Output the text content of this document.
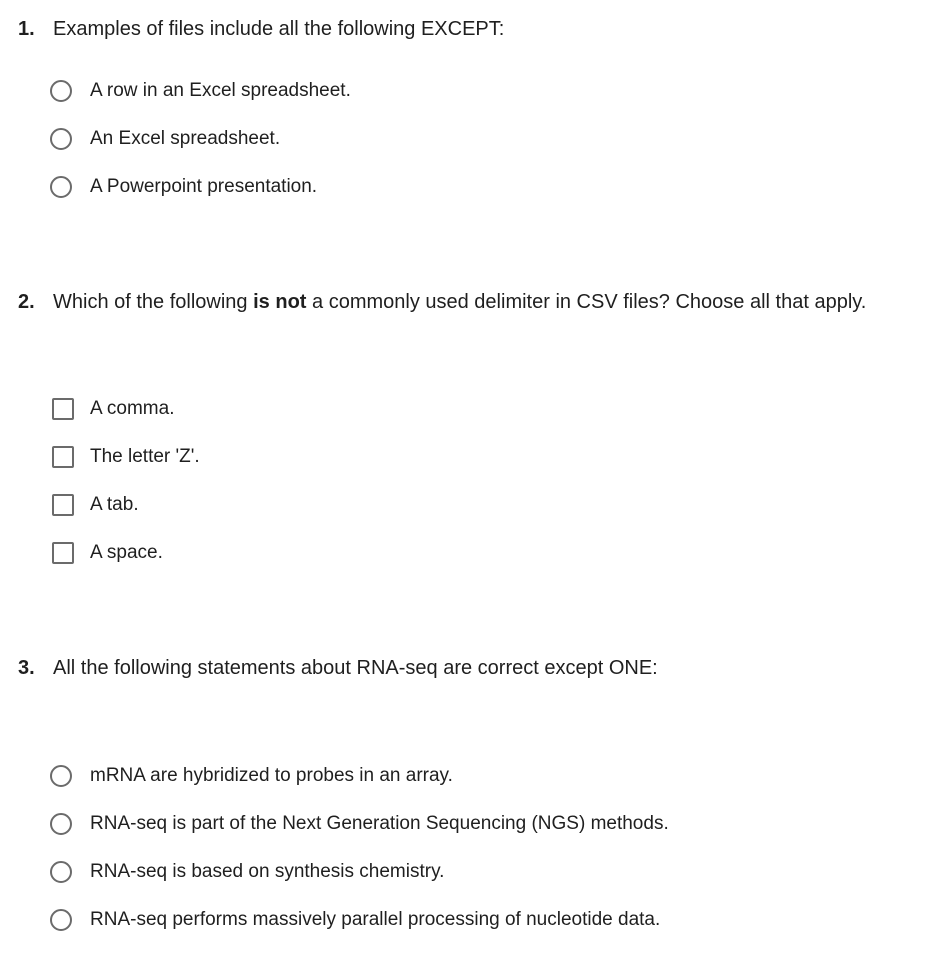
1. Examples of files include all the following EXCEPT:
A row in an Excel spreadsheet.
An Excel spreadsheet.
A Powerpoint presentation.
2. Which of the following is not a commonly used delimiter in CSV files? Choose all that apply.
A comma.
The letter 'Z'.
A tab.
A space.
3. All the following statements about RNA-seq are correct except ONE:
mRNA are hybridized to probes in an array.
RNA-seq is part of the Next Generation Sequencing (NGS) methods.
RNA-seq is based on synthesis chemistry.
RNA-seq performs massively parallel processing of nucleotide data.
